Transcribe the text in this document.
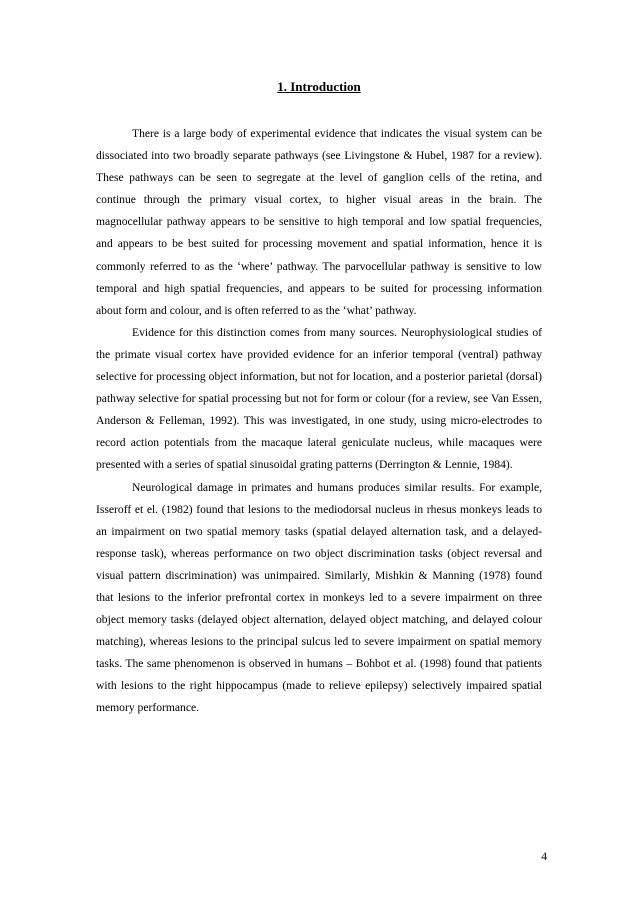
1. Introduction

There is a large body of experimental evidence that indicates the visual system can be dissociated into two broadly separate pathways (see Livingstone & Hubel, 1987 for a review). These pathways can be seen to segregate at the level of ganglion cells of the retina, and continue through the primary visual cortex, to higher visual areas in the brain. The magnocellular pathway appears to be sensitive to high temporal and low spatial frequencies, and appears to be best suited for processing movement and spatial information, hence it is commonly referred to as the ‘where’ pathway. The parvocellular pathway is sensitive to low temporal and high spatial frequencies, and appears to be suited for processing information about form and colour, and is often referred to as the ‘what’ pathway.

Evidence for this distinction comes from many sources. Neurophysiological studies of the primate visual cortex have provided evidence for an inferior temporal (ventral) pathway selective for processing object information, but not for location, and a posterior parietal (dorsal) pathway selective for spatial processing but not for form or colour (for a review, see Van Essen, Anderson & Felleman, 1992). This was investigated, in one study, using micro-electrodes to record action potentials from the macaque lateral geniculate nucleus, while macaques were presented with a series of spatial sinusoidal grating patterns (Derrington & Lennie, 1984).

Neurological damage in primates and humans produces similar results. For example, Isseroff et el. (1982) found that lesions to the mediodorsal nucleus in rhesus monkeys leads to an impairment on two spatial memory tasks (spatial delayed alternation task, and a delayed-response task), whereas performance on two object discrimination tasks (object reversal and visual pattern discrimination) was unimpaired. Similarly, Mishkin & Manning (1978) found that lesions to the inferior prefrontal cortex in monkeys led to a severe impairment on three object memory tasks (delayed object alternation, delayed object matching, and delayed colour matching), whereas lesions to the principal sulcus led to severe impairment on spatial memory tasks. The same phenomenon is observed in humans – Bohbot et al. (1998) found that patients with lesions to the right hippocampus (made to relieve epilepsy) selectively impaired spatial memory performance.

4
